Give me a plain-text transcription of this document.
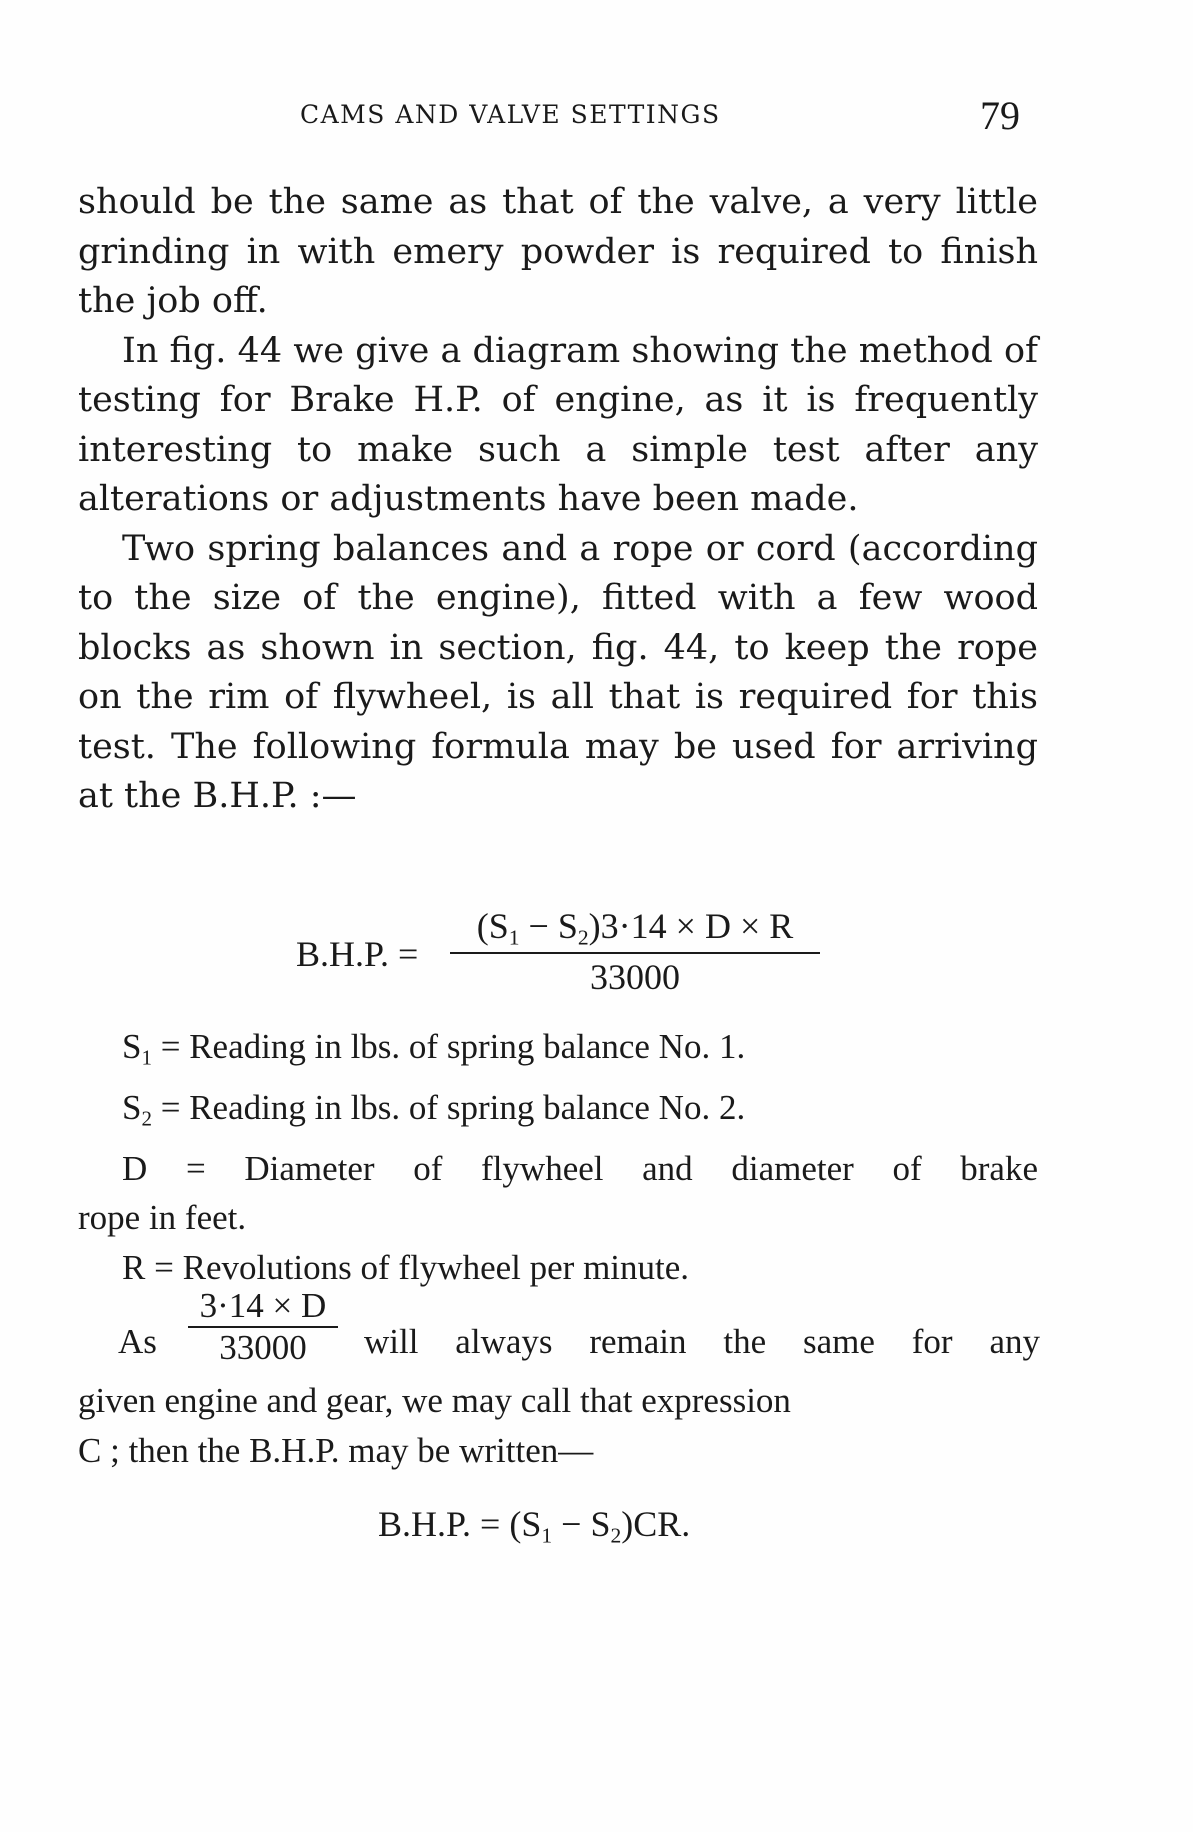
CAMS AND VALVE SETTINGS	79

should be the same as that of the valve, a very little grinding in with emery powder is required to finish the job off.

In fig. 44 we give a diagram showing the method of testing for Brake H.P. of engine, as it is frequently interesting to make such a simple test after any alterations or adjustments have been made.

Two spring balances and a rope or cord (according to the size of the engine), fitted with a few wood blocks as shown in section, fig. 44, to keep the rope on the rim of flywheel, is all that is required for this test. The following formula may be used for arriving at the B.H.P. :—

B.H.P. = $\frac{(S_1 - S_2)3\cdot 14 \times D \times R}{33000}$

$S_1$ = Reading in lbs. of spring balance No. 1.

$S_2$ = Reading in lbs. of spring balance No. 2.

D = Diameter of flywheel and diameter of brake

rope in feet.

R = Revolutions of flywheel per minute.

As $\frac{3\cdot 14 \times D}{33000}$ will always remain the same for any

given engine and gear, we may call that expression

C ; then the B.H.P. may be written—

B.H.P. = $(S_1 - S_2)CR$.
